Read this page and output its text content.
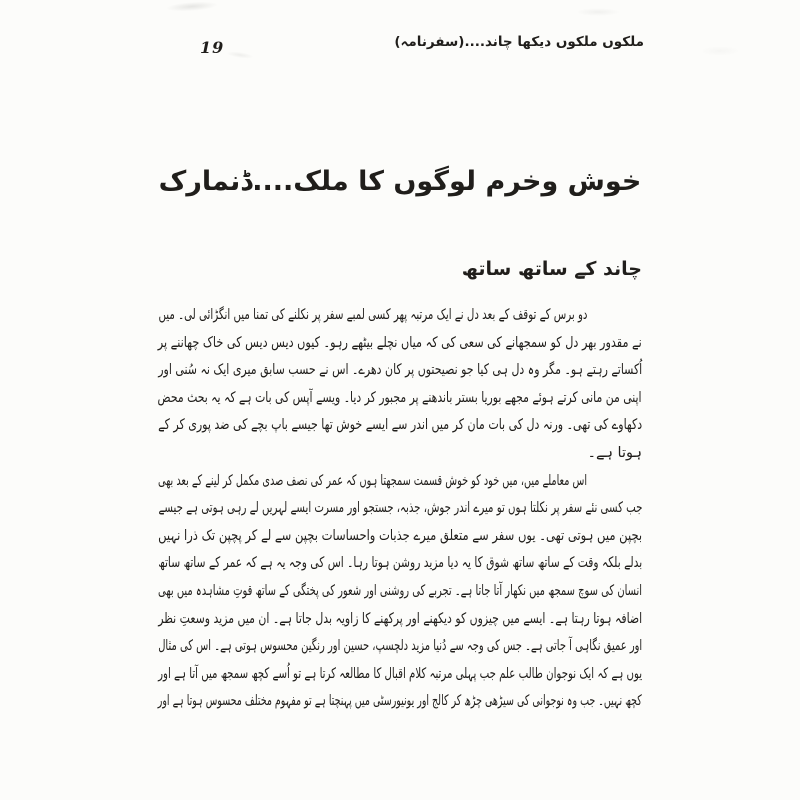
19	ملکوں ملکوں دیکھا چاند....(سفرنامہ)
خوش وخرم لوگوں کا ملک....ڈنمارک
چاند کے ساتھ ساتھ

دو برس کے توقف کے بعد دل نے ایک مرتبہ پھر کسی لمبے سفر پر نکلنے کی تمنا میں انگڑائی لی۔ میں
نے مقدور بھر دل کو سمجھانے کی سعی کی کہ میاں نچلے بیٹھے رہو۔ کیوں دیس دیس کی خاک چھاننے پر
اُکساتے رہتے ہو۔ مگر وہ دل ہی کیا جو نصیحتوں پر کان دھرے۔ اس نے حسب سابق میری ایک نہ سُنی اور
اپنی من مانی کرتے ہوئے مجھے بوریا بستر باندھنے پر مجبور کر دیا۔ ویسے آپس کی بات ہے کہ یہ بحث محض
دکھاوے کی تھی۔ ورنہ دل کی بات مان کر میں اندر سے ایسے خوش تھا جیسے باپ بچے کی ضد پوری کر کے
ہوتا ہے۔

اس معاملے میں، میں خود کو خوش قسمت سمجھتا ہوں کہ عمر کی نصف صدی مکمل کر لینے کے بعد بھی
جب کسی نئے سفر پر نکلتا ہوں تو میرے اندر جوش، جذبہ، جستجو اور مسرت ایسے لہریں لے رہی ہوتی ہے جیسے
بچپن میں ہوتی تھی۔ یوں سفر سے متعلق میرے جذبات واحساسات بچپن سے لے کر پچپن تک ذرا نہیں
بدلے بلکہ وقت کے ساتھ ساتھ شوق کا یہ دیا مزید روشن ہوتا رہا۔ اس کی وجہ یہ ہے کہ عمر کے ساتھ ساتھ
انسان کی سوچ سمجھ میں نکھار آتا جاتا ہے۔ تجربے کی روشنی اور شعور کی پختگی کے ساتھ قوتِ مشاہدہ میں بھی
اضافہ ہوتا رہتا ہے۔ ایسے میں چیزوں کو دیکھنے اور پرکھنے کا زاویہ بدل جاتا ہے۔ ان میں مزید وسعتِ نظر
اور عمیق نگاہی آ جاتی ہے۔ جس کی وجہ سے دُنیا مزید دلچسپ، حسین اور رنگین محسوس ہوتی ہے۔ اس کی مثال
یوں ہے کہ ایک نوجوان طالب علم جب پہلی مرتبہ کلام اقبال کا مطالعہ کرتا ہے تو اُسے کچھ سمجھ میں آتا ہے اور
کچھ نہیں۔ جب وہ نوجوانی کی سیڑھی چڑھ کر کالج اور یونیورسٹی میں پہنچتا ہے تو مفہوم مختلف محسوس ہوتا ہے اور
